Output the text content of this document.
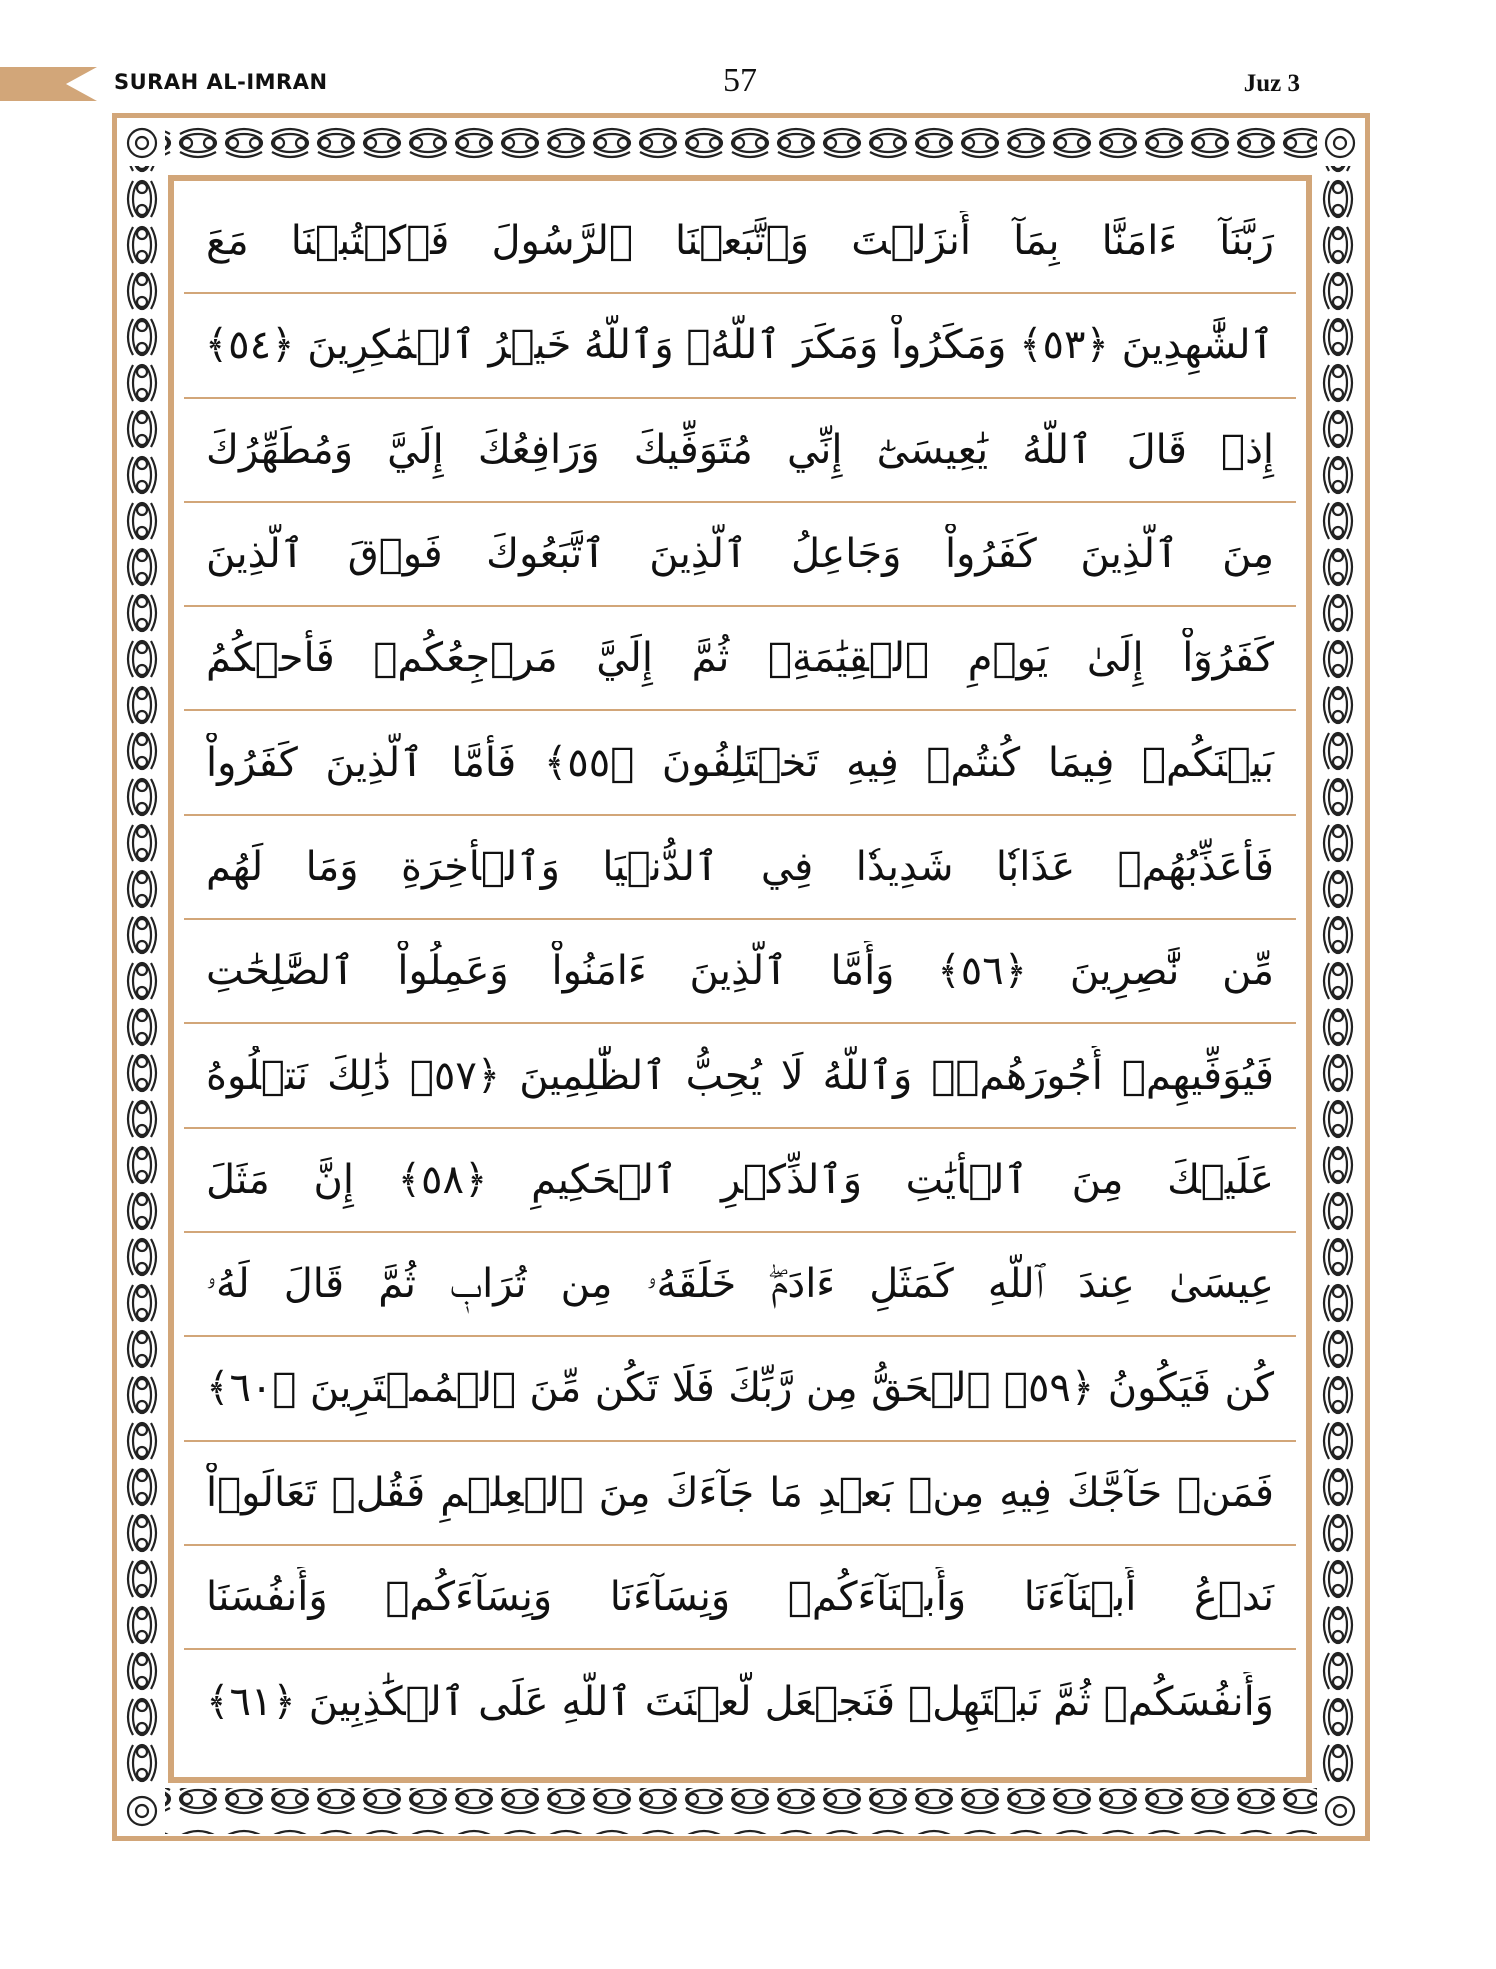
SURAH AL-IMRAN	57	Juz 3
رَبَّنَآ ءَامَنَّا بِمَآ أَنزَلۡتَ وَٱتَّبَعۡنَا ٱلرَّسُولَ فَٱكۡتُبۡنَا مَعَ
ٱلشَّٰهِدِينَ ﴿٥٣﴾ وَمَكَرُواْ وَمَكَرَ ٱللَّهُۖ وَٱللَّهُ خَيۡرُ ٱلۡمَٰكِرِينَ ﴿٥٤﴾
إِذۡ قَالَ ٱللَّهُ يَٰعِيسَىٰٓ إِنِّي مُتَوَفِّيكَ وَرَافِعُكَ إِلَيَّ وَمُطَهِّرُكَ
مِنَ ٱلَّذِينَ كَفَرُواْ وَجَاعِلُ ٱلَّذِينَ ٱتَّبَعُوكَ فَوۡقَ ٱلَّذِينَ
كَفَرُوٓاْ إِلَىٰ يَوۡمِ ٱلۡقِيَٰمَةِۖ ثُمَّ إِلَيَّ مَرۡجِعُكُمۡ فَأَحۡكُمُ
بَيۡنَكُمۡ فِيمَا كُنتُمۡ فِيهِ تَخۡتَلِفُونَ ﴿٥٥﴾ فَأَمَّا ٱلَّذِينَ كَفَرُواْ
فَأُعَذِّبُهُمۡ عَذَابٗا شَدِيدٗا فِي ٱلدُّنۡيَا وَٱلۡأٓخِرَةِ وَمَا لَهُم
مِّن نَّٰصِرِينَ ﴿٥٦﴾ وَأَمَّا ٱلَّذِينَ ءَامَنُواْ وَعَمِلُواْ ٱلصَّٰلِحَٰتِ
فَيُوَفِّيهِمۡ أُجُورَهُمۡۗ وَٱللَّهُ لَا يُحِبُّ ٱلظَّٰلِمِينَ ﴿٥٧﴾ ذَٰلِكَ نَتۡلُوهُ
عَلَيۡكَ مِنَ ٱلۡأٓيَٰتِ وَٱلذِّكۡرِ ٱلۡحَكِيمِ ﴿٥٨﴾ إِنَّ مَثَلَ
عِيسَىٰ عِندَ ٱللَّهِ كَمَثَلِ ءَادَمَۖ خَلَقَهُۥ مِن تُرَابٖ ثُمَّ قَالَ لَهُۥ
كُن فَيَكُونُ ﴿٥٩﴾ ٱلۡحَقُّ مِن رَّبِّكَ فَلَا تَكُن مِّنَ ٱلۡمُمۡتَرِينَ ﴿٦٠﴾
فَمَنۡ حَآجَّكَ فِيهِ مِنۢ بَعۡدِ مَا جَآءَكَ مِنَ ٱلۡعِلۡمِ فَقُلۡ تَعَالَوۡاْ
نَدۡعُ أَبۡنَآءَنَا وَأَبۡنَآءَكُمۡ وَنِسَآءَنَا وَنِسَآءَكُمۡ وَأَنفُسَنَا
وَأَنفُسَكُمۡ ثُمَّ نَبۡتَهِلۡ فَنَجۡعَل لَّعۡنَتَ ٱللَّهِ عَلَى ٱلۡكَٰذِبِينَ ﴿٦١﴾
